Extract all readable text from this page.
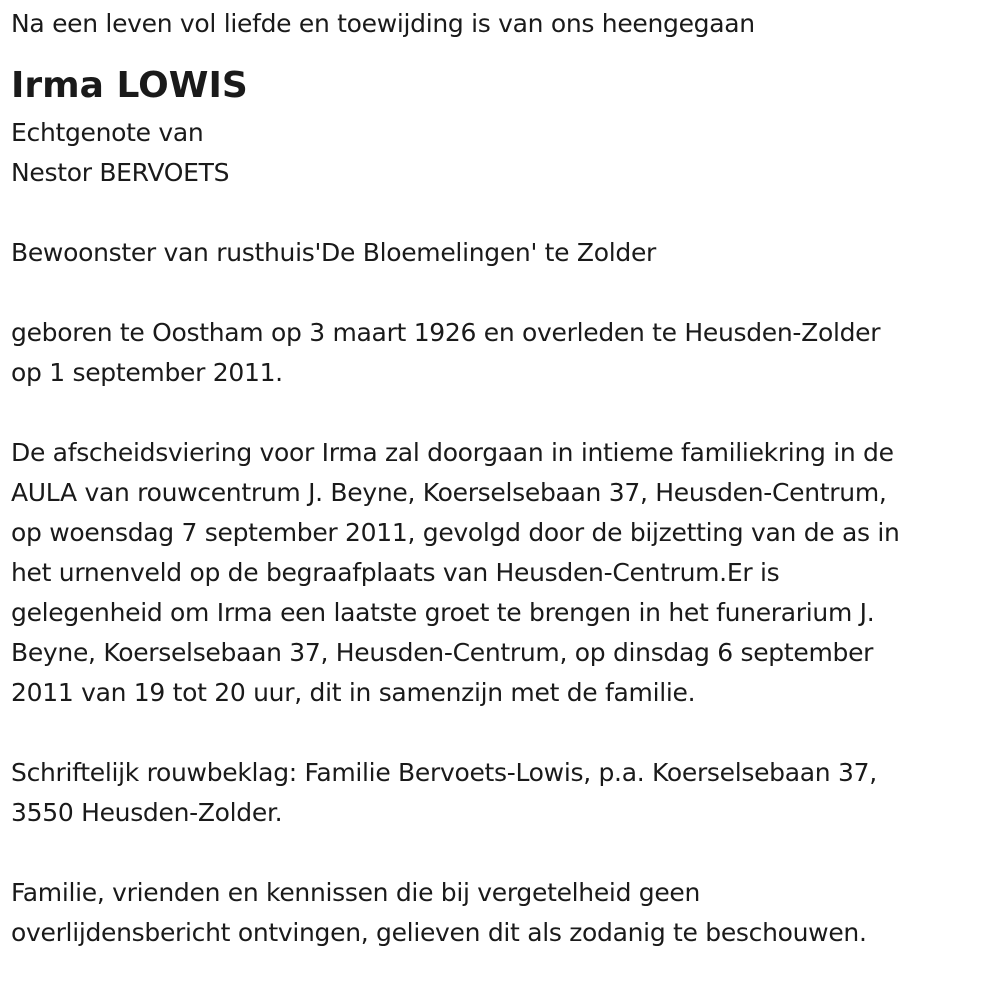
Na een leven vol liefde en toewijding is van ons heengegaan

Irma LOWIS

Echtgenote van

Nestor BERVOETS

Bewoonster van rusthuis'De Bloemelingen' te Zolder

geboren te Oostham op 3 maart 1926 en overleden te Heusden-Zolder

op 1 september 2011.

De afscheidsviering voor Irma zal doorgaan in intieme familiekring in de

AULA van rouwcentrum J. Beyne, Koerselsebaan 37, Heusden-Centrum,

op woensdag 7 september 2011, gevolgd door de bijzetting van de as in

het urnenveld op de begraafplaats van Heusden-Centrum.Er is

gelegenheid om Irma een laatste groet te brengen in het funerarium J.

Beyne, Koerselsebaan 37, Heusden-Centrum, op dinsdag 6 september

2011 van 19 tot 20 uur, dit in samenzijn met de familie.

Schriftelijk rouwbeklag: Familie Bervoets-Lowis, p.a. Koerselsebaan 37,

3550 Heusden-Zolder.

Familie, vrienden en kennissen die bij vergetelheid geen

overlijdensbericht ontvingen, gelieven dit als zodanig te beschouwen.
